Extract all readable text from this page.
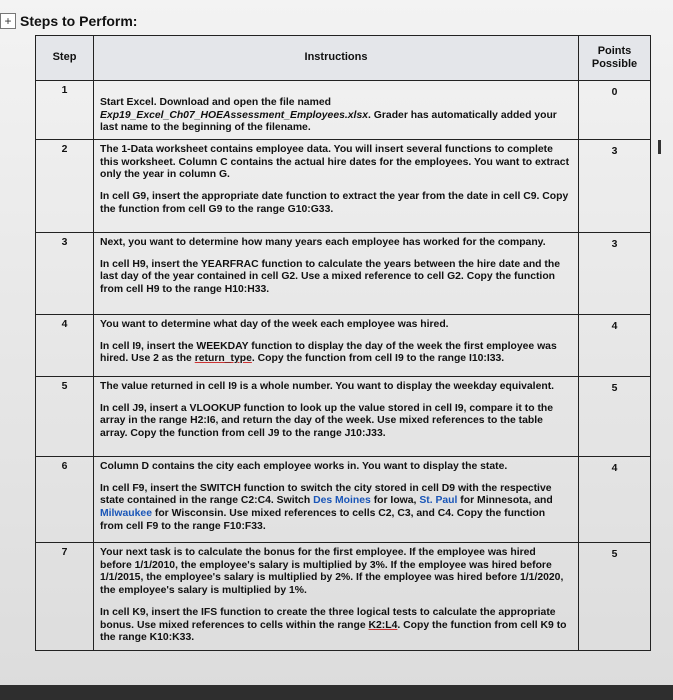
+ Steps to Perform:
Step	Instructions	Points Possible
1	Start Excel. Download and open the file named
Exp19_Excel_Ch07_HOEAssessment_Employees.xlsx. Grader has automatically added your last name to the beginning of the filename.	0
2	The 1-Data worksheet contains employee data. You will insert several functions to complete this worksheet. Column C contains the actual hire dates for the employees. You want to extract only the year in column G.

In cell G9, insert the appropriate date function to extract the year from the date in cell C9. Copy the function from cell G9 to the range G10:G33.	3
3	Next, you want to determine how many years each employee has worked for the company.

In cell H9, insert the YEARFRAC function to calculate the years between the hire date and the last day of the year contained in cell G2. Use a mixed reference to cell G2. Copy the function from cell H9 to the range H10:H33.	3
4	You want to determine what day of the week each employee was hired.

In cell I9, insert the WEEKDAY function to display the day of the week the first employee was hired. Use 2 as the return_type. Copy the function from cell I9 to the range I10:I33.	4
5	The value returned in cell I9 is a whole number. You want to display the weekday equivalent.

In cell J9, insert a VLOOKUP function to look up the value stored in cell I9, compare it to the array in the range H2:I6, and return the day of the week. Use mixed references to the table array. Copy the function from cell J9 to the range J10:J33.	5
6	Column D contains the city each employee works in. You want to display the state.

In cell F9, insert the SWITCH function to switch the city stored in cell D9 with the respective state contained in the range C2:C4. Switch Des Moines for Iowa, St. Paul for Minnesota, and Milwaukee for Wisconsin. Use mixed references to cells C2, C3, and C4. Copy the function from cell F9 to the range F10:F33.	4
7	Your next task is to calculate the bonus for the first employee. If the employee was hired before 1/1/2010, the employee's salary is multiplied by 3%. If the employee was hired before 1/1/2015, the employee's salary is multiplied by 2%. If the employee was hired before 1/1/2020, the employee's salary is multiplied by 1%.

In cell K9, insert the IFS function to create the three logical tests to calculate the appropriate bonus. Use mixed references to cells within the range K2:L4. Copy the function from cell K9 to the range K10:K33.	5
